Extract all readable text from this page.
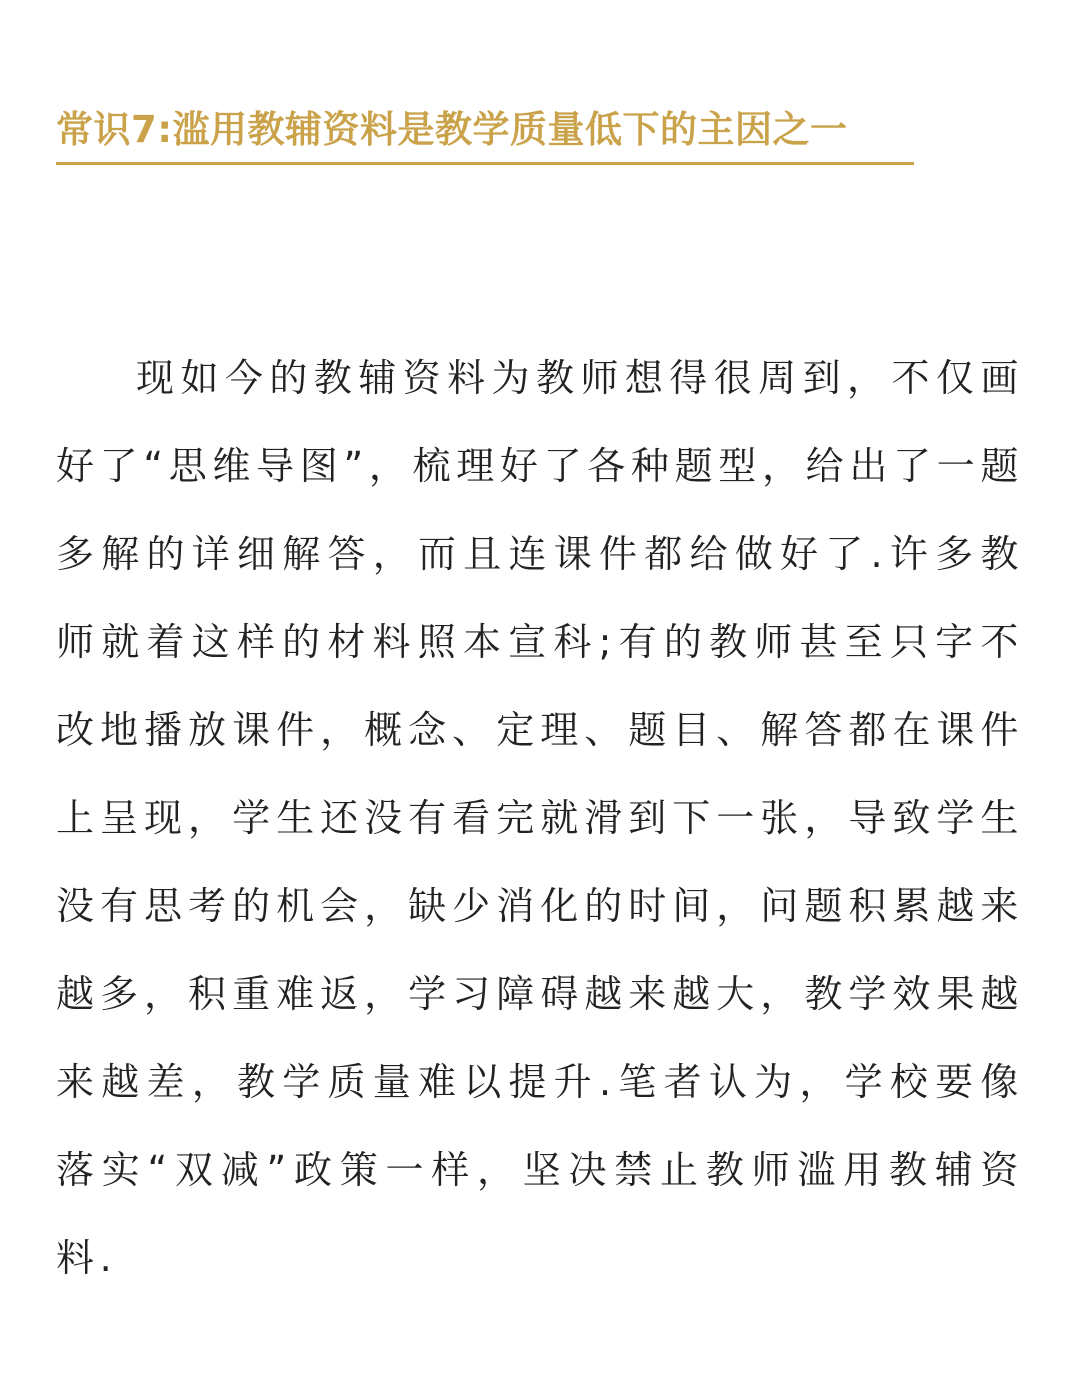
常识7:滥用教辅资料是教学质量低下的主因之一

现如今的教辅资料为教师想得很周到，不仅画好了“思维导图”，梳理好了各种题型，给出了一题多解的详细解答，而且连课件都给做好了.许多教师就着这样的材料照本宣科;有的教师甚至只字不改地播放课件，概念、定理、题目、解答都在课件上呈现，学生还没有看完就滑到下一张，导致学生没有思考的机会，缺少消化的时间，问题积累越来越多，积重难返，学习障碍越来越大，教学效果越来越差，教学质量难以提升.笔者认为，学校要像落实“双减”政策一样，坚决禁止教师滥用教辅资料.
